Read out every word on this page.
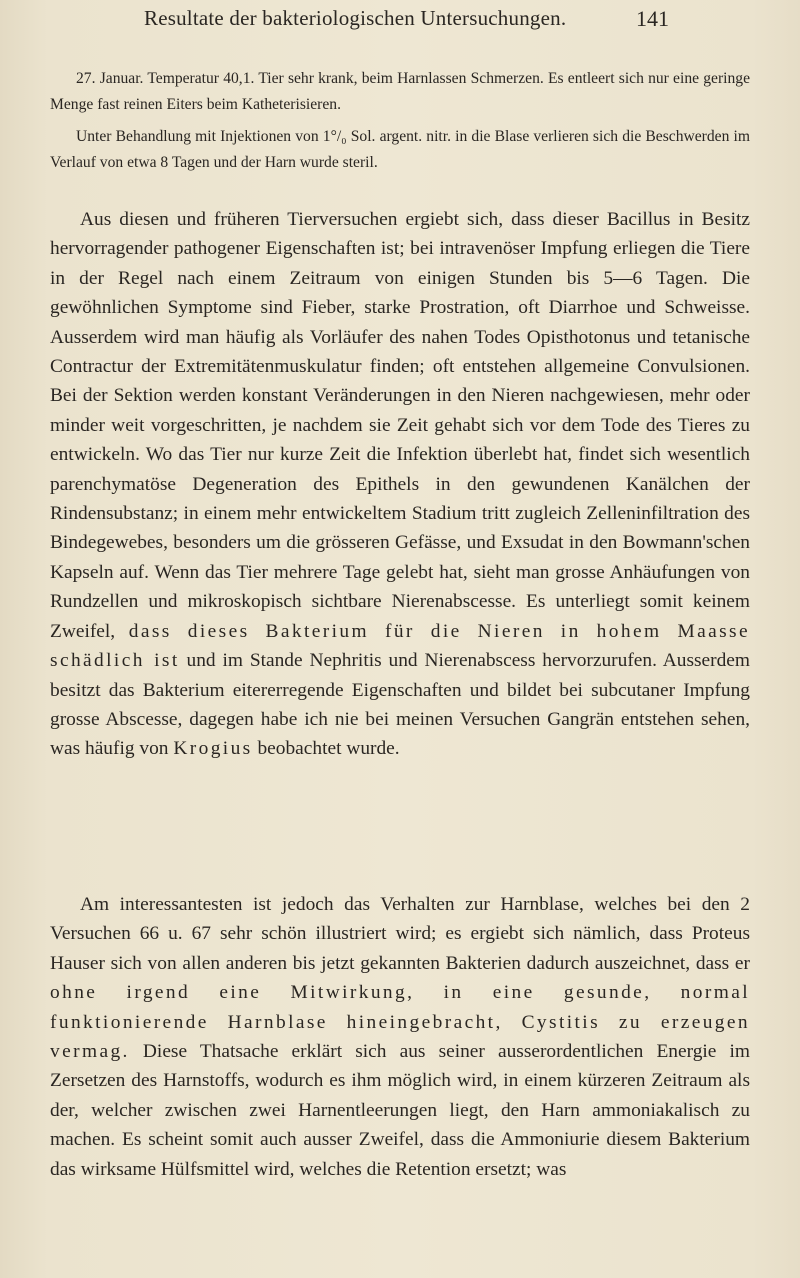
Resultate der bakteriologischen Untersuchungen.	141

27. Januar. Temperatur 40,1. Tier sehr krank, beim Harnlassen Schmerzen. Es entleert sich nur eine geringe Menge fast reinen Eiters beim Katheterisieren.

Unter Behandlung mit Injektionen von 1°/₀ Sol. argent. nitr. in die Blase verlieren sich die Beschwerden im Verlauf von etwa 8 Tagen und der Harn wurde steril.

Aus diesen und früheren Tierversuchen ergiebt sich, dass dieser Bacillus in Besitz hervorragender pathogener Eigenschaften ist; bei intravenöser Impfung erliegen die Tiere in der Regel nach einem Zeitraum von einigen Stunden bis 5—6 Tagen. Die gewöhnlichen Symptome sind Fieber, starke Prostration, oft Diarrhoe und Schweisse. Ausserdem wird man häufig als Vorläufer des nahen Todes Opisthotonus und tetanische Contractur der Extremitätenmuskulatur finden; oft entstehen allgemeine Convulsionen. Bei der Sektion werden konstant Veränderungen in den Nieren nachgewiesen, mehr oder minder weit vorgeschritten, je nachdem sie Zeit gehabt sich vor dem Tode des Tieres zu entwickeln. Wo das Tier nur kurze Zeit die Infektion überlebt hat, findet sich wesentlich parenchymatöse Degeneration des Epithels in den gewundenen Kanälchen der Rindensubstanz; in einem mehr entwickeltem Stadium tritt zugleich Zelleninfiltration des Bindegewebes, besonders um die grösseren Gefässe, und Exsudat in den Bowmann'schen Kapseln auf. Wenn das Tier mehrere Tage gelebt hat, sieht man grosse Anhäufungen von Rundzellen und mikroskopisch sichtbare Nierenabscesse. Es unterliegt somit keinem Zweifel, dass dieses Bakterium für die Nieren in hohem Maasse schädlich ist und im Stande Nephritis und Nierenabscess hervorzurufen. Ausserdem besitzt das Bakterium eitererregende Eigenschaften und bildet bei subcutaner Impfung grosse Abscesse, dagegen habe ich nie bei meinen Versuchen Gangrän entstehen sehen, was häufig von Krogius beobachtet wurde.

Am interessantesten ist jedoch das Verhalten zur Harnblase, welches bei den 2 Versuchen 66 u. 67 sehr schön illustriert wird; es ergiebt sich nämlich, dass Proteus Hauser sich von allen anderen bis jetzt gekannten Bakterien dadurch auszeichnet, dass er ohne irgend eine Mitwirkung, in eine gesunde, normal funktionierende Harnblase hineingebracht, Cystitis zu erzeugen vermag. Diese Thatsache erklärt sich aus seiner ausserordentlichen Energie im Zersetzen des Harnstoffs, wodurch es ihm möglich wird, in einem kürzeren Zeitraum als der, welcher zwischen zwei Harnentleerungen liegt, den Harn ammoniakalisch zu machen. Es scheint somit auch ausser Zweifel, dass die Ammoniurie diesem Bakterium das wirksame Hülfsmittel wird, welches die Retention ersetzt; was
